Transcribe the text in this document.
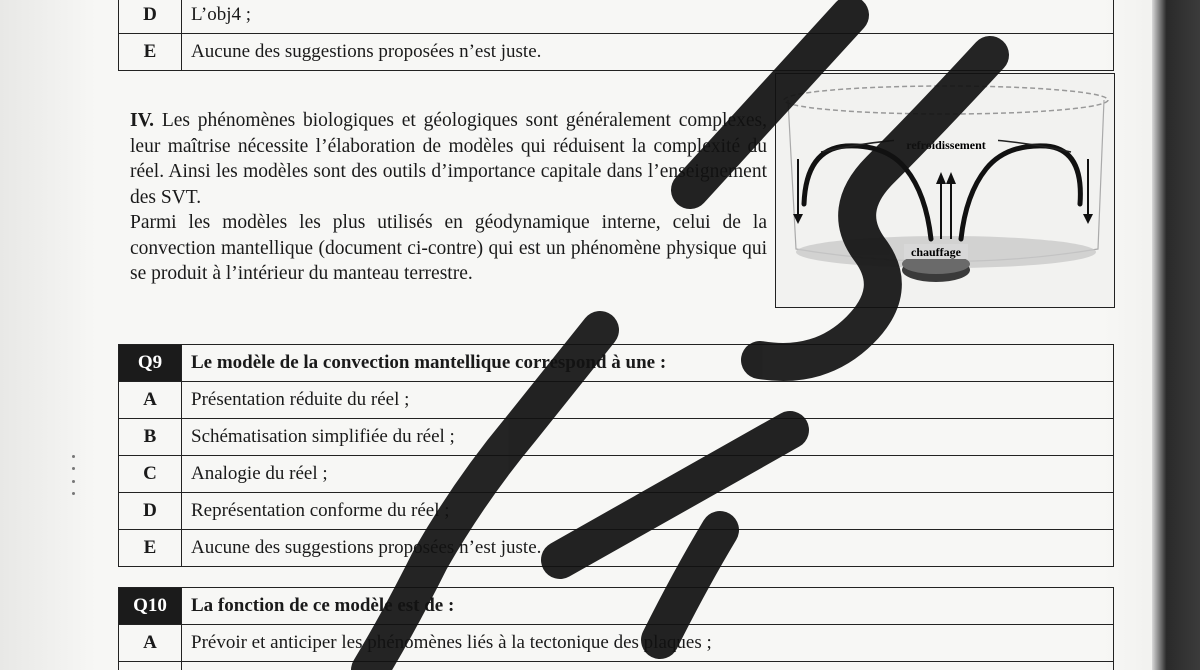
D	L’obj4 ;
E	Aucune des suggestions proposées n’est juste.

IV. Les phénomènes biologiques et géologiques sont généralement complexes, leur maîtrise nécessite l’élaboration de modèles qui réduisent la complexité du réel. Ainsi les modèles sont des outils d’importance capitale dans l’enseignement des SVT.

Parmi les modèles les plus utilisés en géodynamique interne, celui de la convection mantellique (document ci-contre) qui est un phénomène physique qui se produit à l’intérieur du manteau terrestre.

refroidissement
chauffage
Q9	Le modèle de la convection mantellique correspond à une :
A	Présentation réduite du réel ;
B	Schématisation simplifiée du réel ;
C	Analogie du réel ;
D	Représentation conforme du réel ;
E	Aucune des suggestions proposées n’est juste.
Q10	La fonction de ce modèle est de :
A	Prévoir et anticiper les phénomènes liés à la tectonique des plaques ;
